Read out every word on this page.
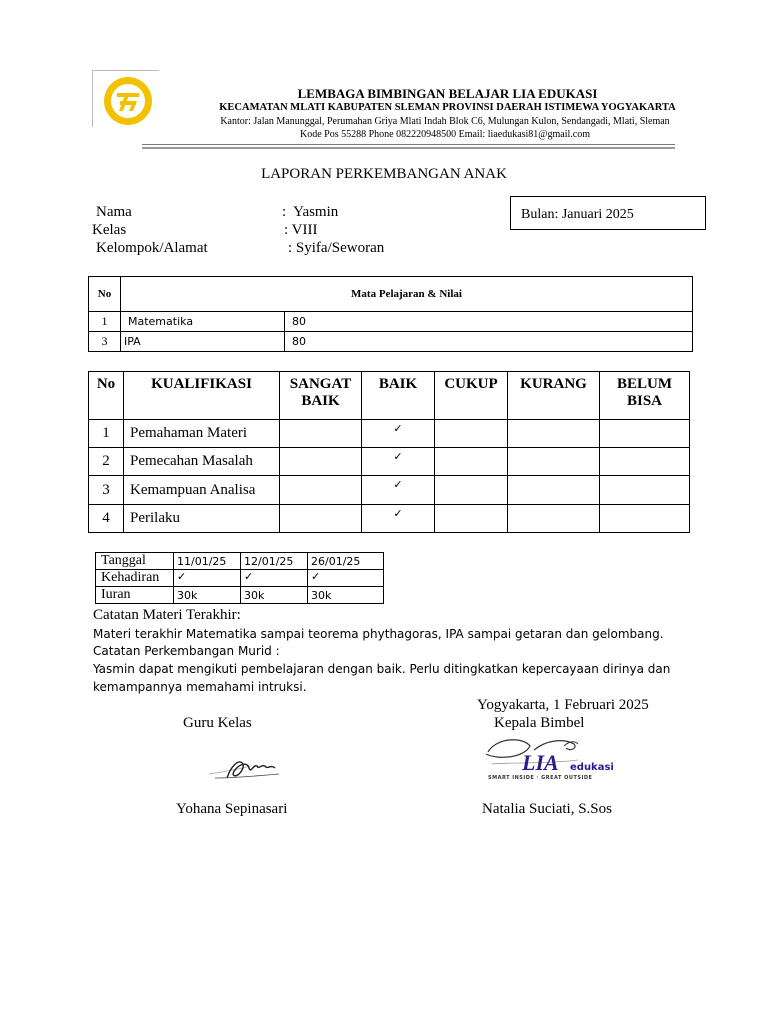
LEMBAGA BIMBINGAN BELAJAR LIA EDUKASI
KECAMATAN MLATI KABUPATEN SLEMAN PROVINSI DAERAH ISTIMEWA YOGYAKARTA
Kantor: Jalan Manunggal, Perumahan Griya Mlati Indah Blok C6, Mulungan Kulon, Sendangadi, Mlati, Sleman
Kode Pos 55288 Phone 082220948500 Email: liaedukasi81@gmail.com
LAPORAN PERKEMBANGAN ANAK
Nama	:  Yasmin
Kelas	: VIII
Kelompok/Alamat	: Syifa/Seworan
Bulan: Januari 2025
No	Mata Pelajaran & Nilai	
1	Matematika	80
3	IPA	80
No	KUALIFIKASI	SANGAT BAIK	BAIK	CUKUP	KURANG	BELUM BISA
1	Pemahaman Materi		✓			
2	Pemecahan Masalah		✓			
3	Kemampuan Analisa		✓			
4	Perilaku		✓			
Tanggal	11/01/25	12/01/25	26/01/25
Kehadiran	✓	✓	✓
Iuran	30k	30k	30k
Catatan Materi Terakhir:
Materi terakhir Matematika sampai teorema phythagoras, IPA sampai getaran dan gelombang.
Catatan Perkembangan Murid :
Yasmin dapat mengikuti pembelajaran dengan baik. Perlu ditingkatkan kepercayaan dirinya dan
kemampannya memahami intruksi.
Yogyakarta, 1 Februari 2025
Guru Kelas	Kepala Bimbel
LIA edukasi
SMART INSIDE · GREAT OUTSIDE
Yohana Sepinasari	Natalia Suciati, S.Sos
